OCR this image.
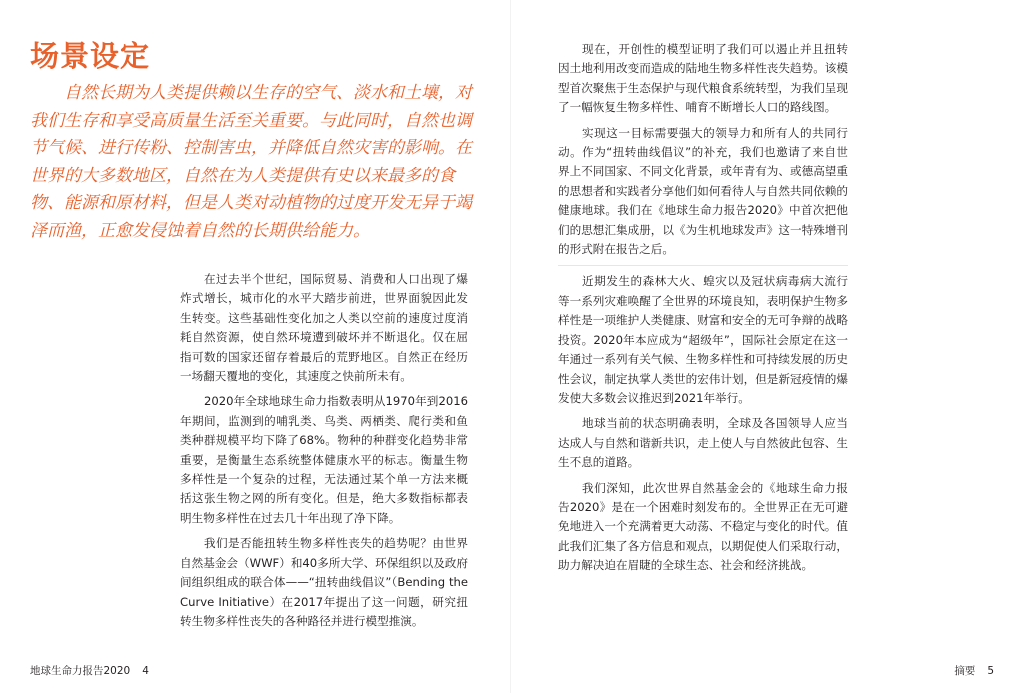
场景设定

自然长期为人类提供赖以生存的空气、淡水和土壤，对我们生存和享受高质量生活至关重要。与此同时，自然也调节气候、进行传粉、控制害虫，并降低自然灾害的影响。在世界的大多数地区，自然在为人类提供有史以来最多的食物、能源和原材料，但是人类对动植物的过度开发无异于竭泽而渔，正愈发侵蚀着自然的长期供给能力。

在过去半个世纪，国际贸易、消费和人口出现了爆炸式增长，城市化的水平大踏步前进，世界面貌因此发生转变。这些基础性变化加之人类以空前的速度过度消耗自然资源，使自然环境遭到破坏并不断退化。仅在屈指可数的国家还留存着最后的荒野地区。自然正在经历一场翻天覆地的变化，其速度之快前所未有。

2020年全球地球生命力指数表明从1970年到2016年期间，监测到的哺乳类、鸟类、两栖类、爬行类和鱼类种群规模平均下降了68%。物种的种群变化趋势非常重要，是衡量生态系统整体健康水平的标志。衡量生物多样性是一个复杂的过程，无法通过某个单一方法来概括这张生物之网的所有变化。但是，绝大多数指标都表明生物多样性在过去几十年出现了净下降。

我们是否能扭转生物多样性丧失的趋势呢？由世界自然基金会（WWF）和40多所大学、环保组织以及政府间组织组成的联合体——“扭转曲线倡议”（Bending the Curve Initiative）在2017年提出了这一问题，研究扭转生物多样性丧失的各种路径并进行模型推演。

现在，开创性的模型证明了我们可以遏止并且扭转因土地利用改变而造成的陆地生物多样性丧失趋势。该模型首次聚焦于生态保护与现代粮食系统转型，为我们呈现了一幅恢复生物多样性、哺育不断增长人口的路线图。

实现这一目标需要强大的领导力和所有人的共同行动。作为“扭转曲线倡议”的补充，我们也邀请了来自世界上不同国家、不同文化背景，或年青有为、或德高望重的思想者和实践者分享他们如何看待人与自然共同依赖的健康地球。我们在《地球生命力报告2020》中首次把他们的思想汇集成册，以《为生机地球发声》这一特殊增刊的形式附在报告之后。

近期发生的森林大火、蝗灾以及冠状病毒病大流行等一系列灾难唤醒了全世界的环境良知，表明保护生物多样性是一项维护人类健康、财富和安全的无可争辩的战略投资。2020年本应成为“超级年”，国际社会原定在这一年通过一系列有关气候、生物多样性和可持续发展的历史性会议，制定执掌人类世的宏伟计划，但是新冠疫情的爆发使大多数会议推迟到2021年举行。

地球当前的状态明确表明，全球及各国领导人应当达成人与自然和谐新共识，走上使人与自然彼此包容、生生不息的道路。

我们深知，此次世界自然基金会的《地球生命力报告2020》是在一个困难时刻发布的。全世界正在无可避免地进入一个充满着更大动荡、不稳定与变化的时代。值此我们汇集了各方信息和观点，以期促使人们采取行动，助力解决迫在眉睫的全球生态、社会和经济挑战。

地球生命力报告2020 4	摘要 5
